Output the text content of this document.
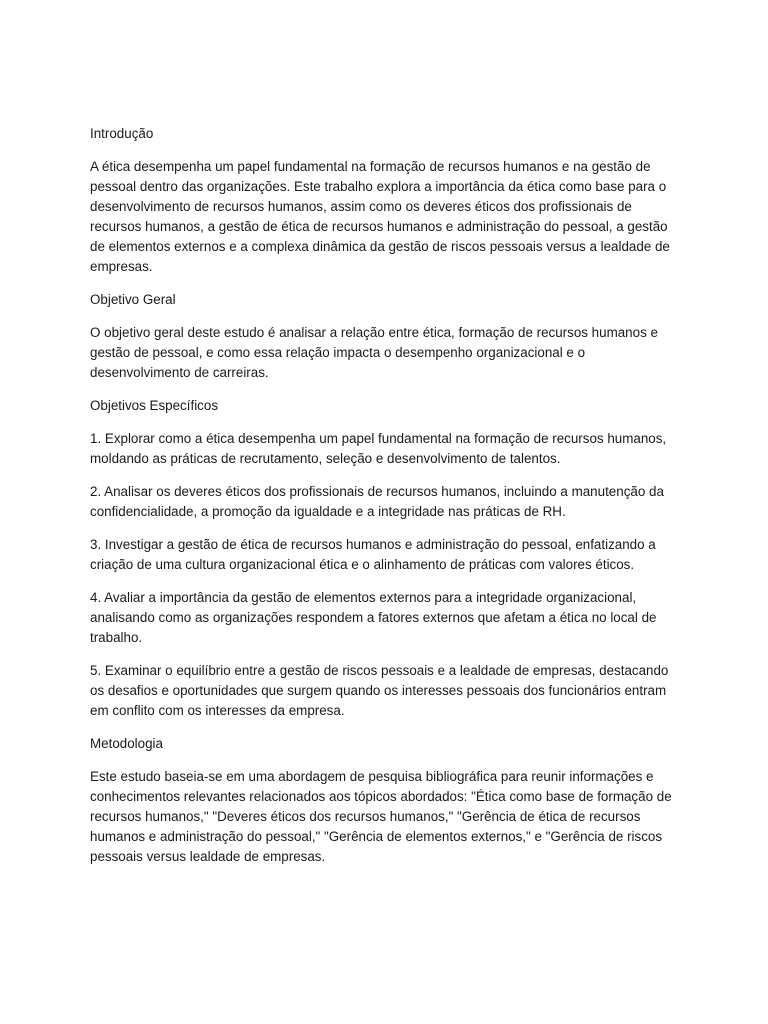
Introdução

A ética desempenha um papel fundamental na formação de recursos humanos e na gestão de pessoal dentro das organizações. Este trabalho explora a importância da ética como base para o desenvolvimento de recursos humanos, assim como os deveres éticos dos profissionais de recursos humanos, a gestão de ética de recursos humanos e administração do pessoal, a gestão de elementos externos e a complexa dinâmica da gestão de riscos pessoais versus a lealdade de empresas.

Objetivo Geral

O objetivo geral deste estudo é analisar a relação entre ética, formação de recursos humanos e gestão de pessoal, e como essa relação impacta o desempenho organizacional e o desenvolvimento de carreiras.

Objetivos Específicos

1. Explorar como a ética desempenha um papel fundamental na formação de recursos humanos, moldando as práticas de recrutamento, seleção e desenvolvimento de talentos.

2. Analisar os deveres éticos dos profissionais de recursos humanos, incluindo a manutenção da confidencialidade, a promoção da igualdade e a integridade nas práticas de RH.

3. Investigar a gestão de ética de recursos humanos e administração do pessoal, enfatizando a criação de uma cultura organizacional ética e o alinhamento de práticas com valores éticos.

4. Avaliar a importância da gestão de elementos externos para a integridade organizacional, analisando como as organizações respondem a fatores externos que afetam a ética no local de trabalho.

5. Examinar o equilíbrio entre a gestão de riscos pessoais e a lealdade de empresas, destacando os desafios e oportunidades que surgem quando os interesses pessoais dos funcionários entram em conflito com os interesses da empresa.

Metodologia

Este estudo baseia-se em uma abordagem de pesquisa bibliográfica para reunir informações e conhecimentos relevantes relacionados aos tópicos abordados: "Ética como base de formação de recursos humanos," "Deveres éticos dos recursos humanos," "Gerência de ética de recursos humanos e administração do pessoal," "Gerência de elementos externos," e "Gerência de riscos pessoais versus lealdade de empresas.
